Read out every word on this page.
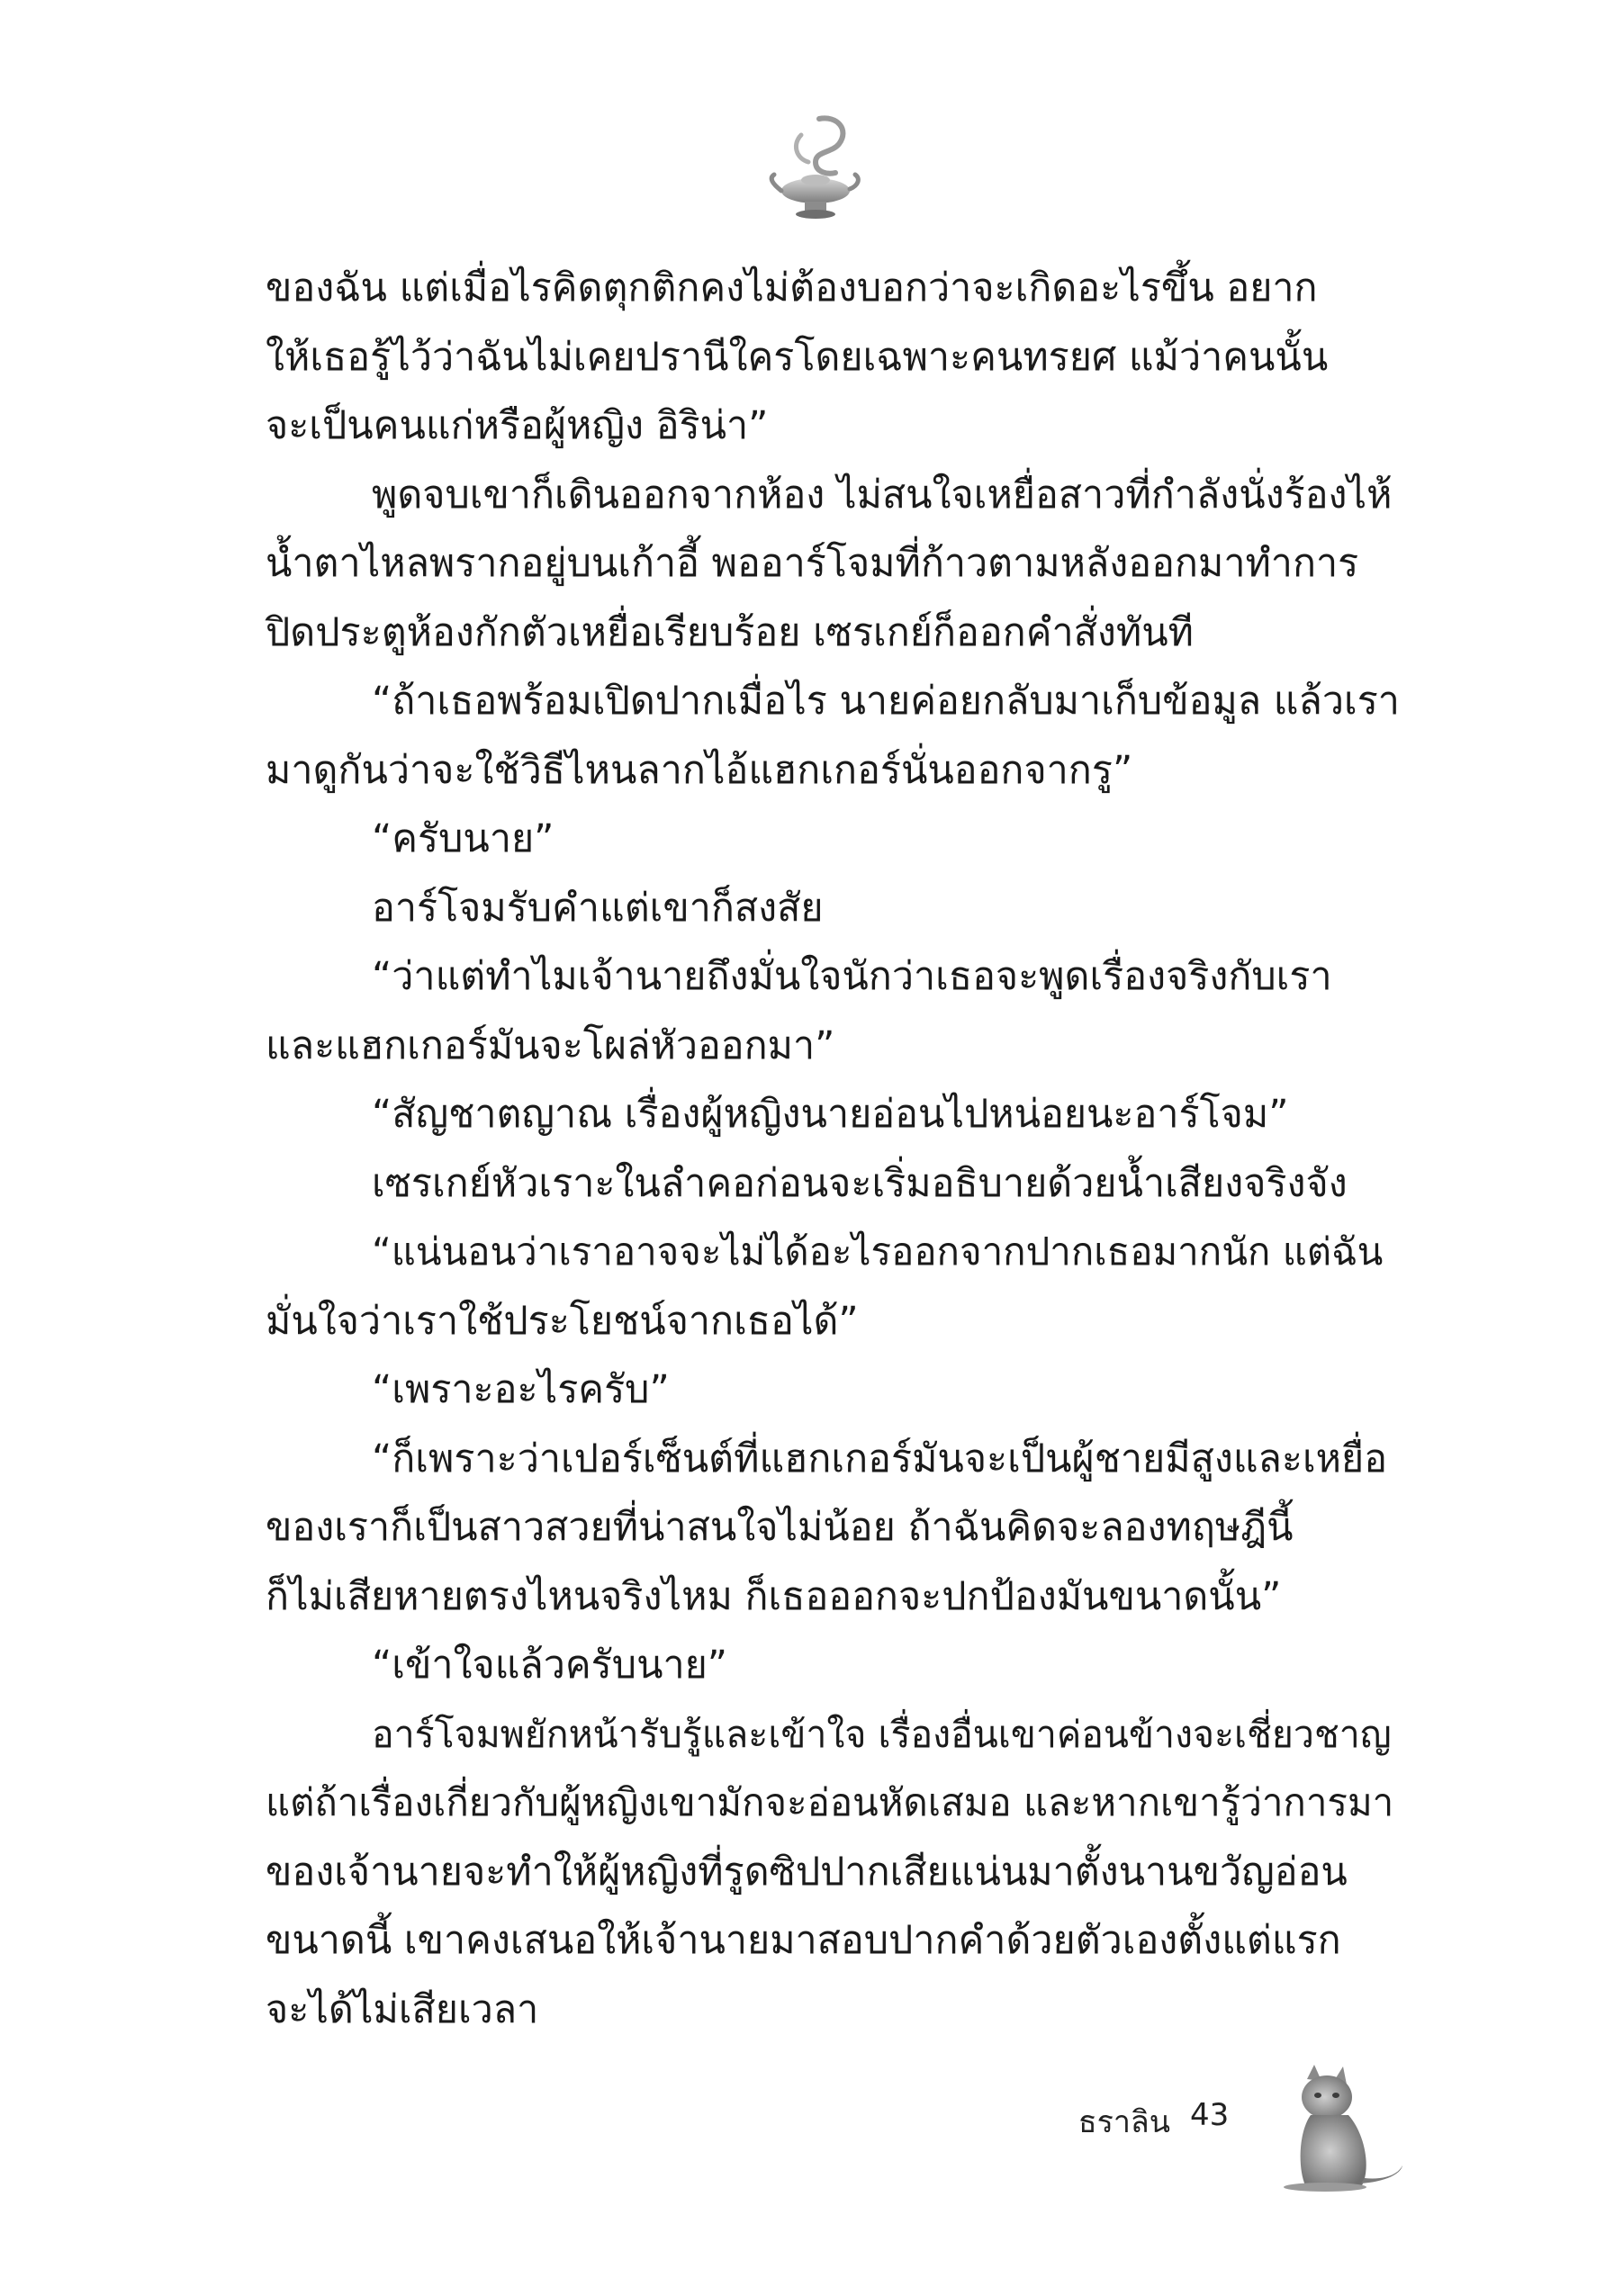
ของฉัน แต่เมื่อไรคิดตุกติกคงไม่ต้องบอกว่าจะเกิดอะไรขึ้น อยาก
ให้เธอรู้ไว้ว่าฉันไม่เคยปรานีใครโดยเฉพาะคนทรยศ แม้ว่าคนนั้น
จะเป็นคนแก่หรือผู้หญิง อิริน่า”
พูดจบเขาก็เดินออกจากห้อง ไม่สนใจเหยื่อสาวที่กำลังนั่งร้องไห้
น้ำตาไหลพรากอยู่บนเก้าอี้ พออาร์โจมที่ก้าวตามหลังออกมาทำการ
ปิดประตูห้องกักตัวเหยื่อเรียบร้อย เซรเกย์ก็ออกคำสั่งทันที
“ถ้าเธอพร้อมเปิดปากเมื่อไร นายค่อยกลับมาเก็บข้อมูล แล้วเรา
มาดูกันว่าจะใช้วิธีไหนลากไอ้แฮกเกอร์นั่นออกจากรู”
“ครับนาย”
อาร์โจมรับคำแต่เขาก็สงสัย
“ว่าแต่ทำไมเจ้านายถึงมั่นใจนักว่าเธอจะพูดเรื่องจริงกับเรา
และแฮกเกอร์มันจะโผล่หัวออกมา”
“สัญชาตญาณ เรื่องผู้หญิงนายอ่อนไปหน่อยนะอาร์โจม”
เซรเกย์หัวเราะในลำคอก่อนจะเริ่มอธิบายด้วยน้ำเสียงจริงจัง
“แน่นอนว่าเราอาจจะไม่ได้อะไรออกจากปากเธอมากนัก แต่ฉัน
มั่นใจว่าเราใช้ประโยชน์จากเธอได้”
“เพราะอะไรครับ”
“ก็เพราะว่าเปอร์เซ็นต์ที่แฮกเกอร์มันจะเป็นผู้ชายมีสูงและเหยื่อ
ของเราก็เป็นสาวสวยที่น่าสนใจไม่น้อย ถ้าฉันคิดจะลองทฤษฎีนี้
ก็ไม่เสียหายตรงไหนจริงไหม ก็เธอออกจะปกป้องมันขนาดนั้น”
“เข้าใจแล้วครับนาย”
อาร์โจมพยักหน้ารับรู้และเข้าใจ เรื่องอื่นเขาค่อนข้างจะเชี่ยวชาญ
แต่ถ้าเรื่องเกี่ยวกับผู้หญิงเขามักจะอ่อนหัดเสมอ และหากเขารู้ว่าการมา
ของเจ้านายจะทำให้ผู้หญิงที่รูดซิปปากเสียแน่นมาตั้งนานขวัญอ่อน
ขนาดนี้ เขาคงเสนอให้เจ้านายมาสอบปากคำด้วยตัวเองตั้งแต่แรก
จะได้ไม่เสียเวลา
ธราลิน 43
